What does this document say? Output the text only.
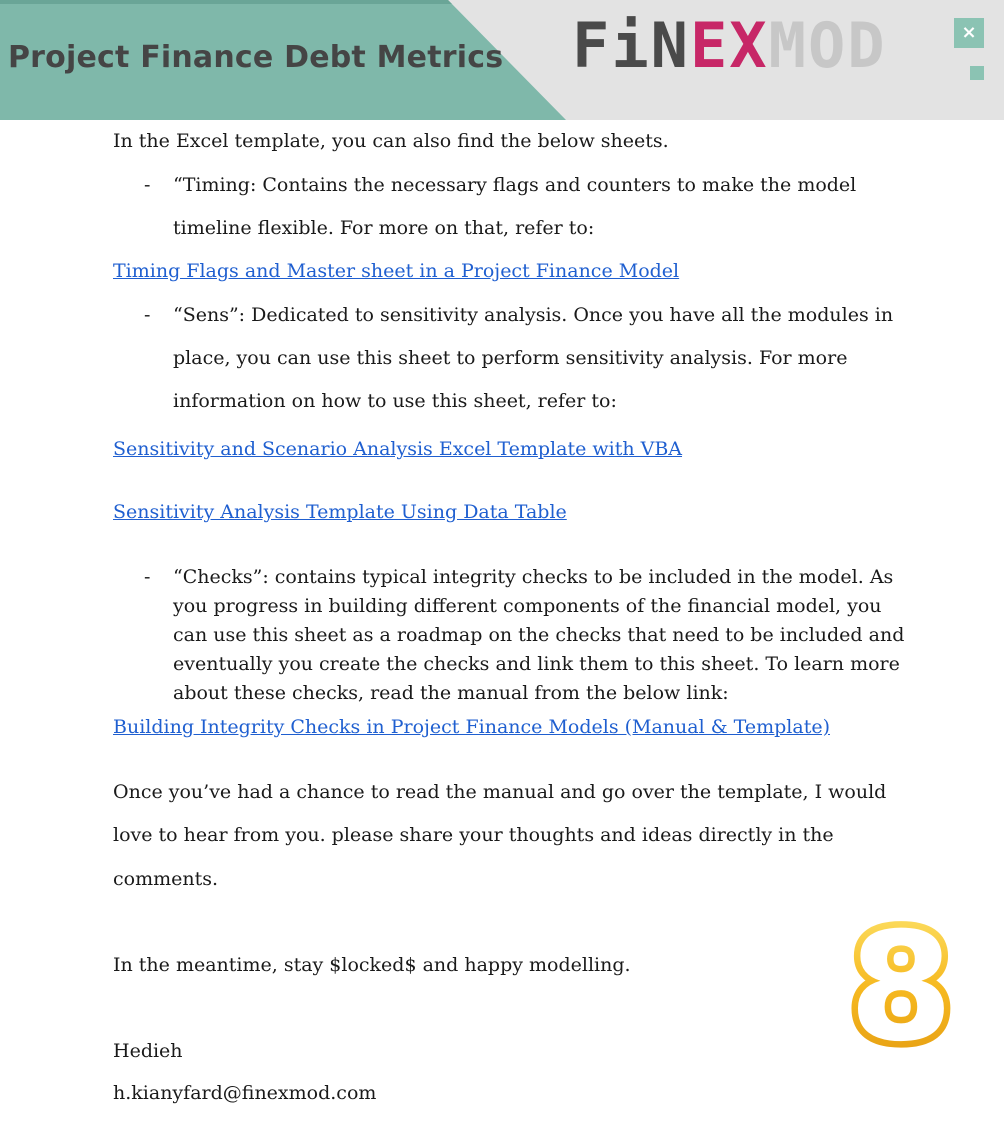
Project Finance Debt Metrics FiNEXMOD	×

In the Excel template, you can also find the below sheets.

- “Timing: Contains the necessary flags and counters to make the model

timeline flexible. For more on that, refer to:

Timing Flags and Master sheet in a Project Finance Model
- “Sens”: Dedicated to sensitivity analysis. Once you have all the modules in

place, you can use this sheet to perform sensitivity analysis. For more

information on how to use this sheet, refer to:

Sensitivity and Scenario Analysis Excel Template with VBA
Sensitivity Analysis Template Using Data Table
- “Checks”: contains typical integrity checks to be included in the model. As

you progress in building different components of the financial model, you

can use this sheet as a roadmap on the checks that need to be included and

eventually you create the checks and link them to this sheet. To learn more

about these checks, read the manual from the below link:

Building Integrity Checks in Project Finance Models (Manual & Template)

Once you’ve had a chance to read the manual and go over the template, I would

love to hear from you. please share your thoughts and ideas directly in the

comments.

In the meantime, stay $locked$ and happy modelling.

Hedieh

h.kianyfard@finexmod.com

8
